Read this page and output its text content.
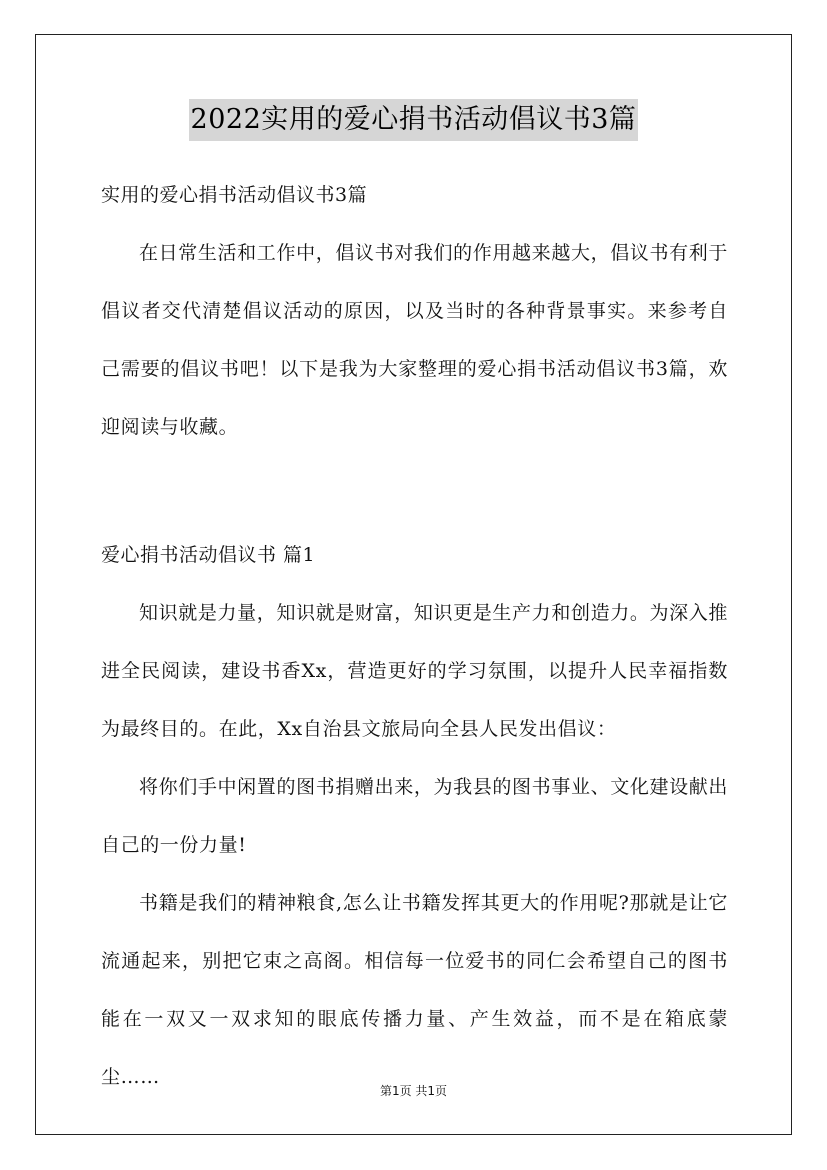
2022实用的爱心捐书活动倡议书3篇

实用的爱心捐书活动倡议书3篇

在日常生活和工作中，倡议书对我们的作用越来越大，倡议书有利于倡议者交代清楚倡议活动的原因，以及当时的各种背景事实。来参考自己需要的倡议书吧！以下是我为大家整理的爱心捐书活动倡议书3篇，欢迎阅读与收藏。

爱心捐书活动倡议书 篇1

知识就是力量，知识就是财富，知识更是生产力和创造力。为深入推进全民阅读，建设书香Xx，营造更好的学习氛围，以提升人民幸福指数为最终目的。在此，Xx自治县文旅局向全县人民发出倡议：

将你们手中闲置的图书捐赠出来，为我县的图书事业、文化建设献出自己的一份力量!

书籍是我们的精神粮食,怎么让书籍发挥其更大的作用呢?那就是让它流通起来，别把它束之高阁。相信每一位爱书的同仁会希望自己的图书能在一双又一双求知的眼底传播力量、产生效益，而不是在箱底蒙尘……

第1页 共1页
